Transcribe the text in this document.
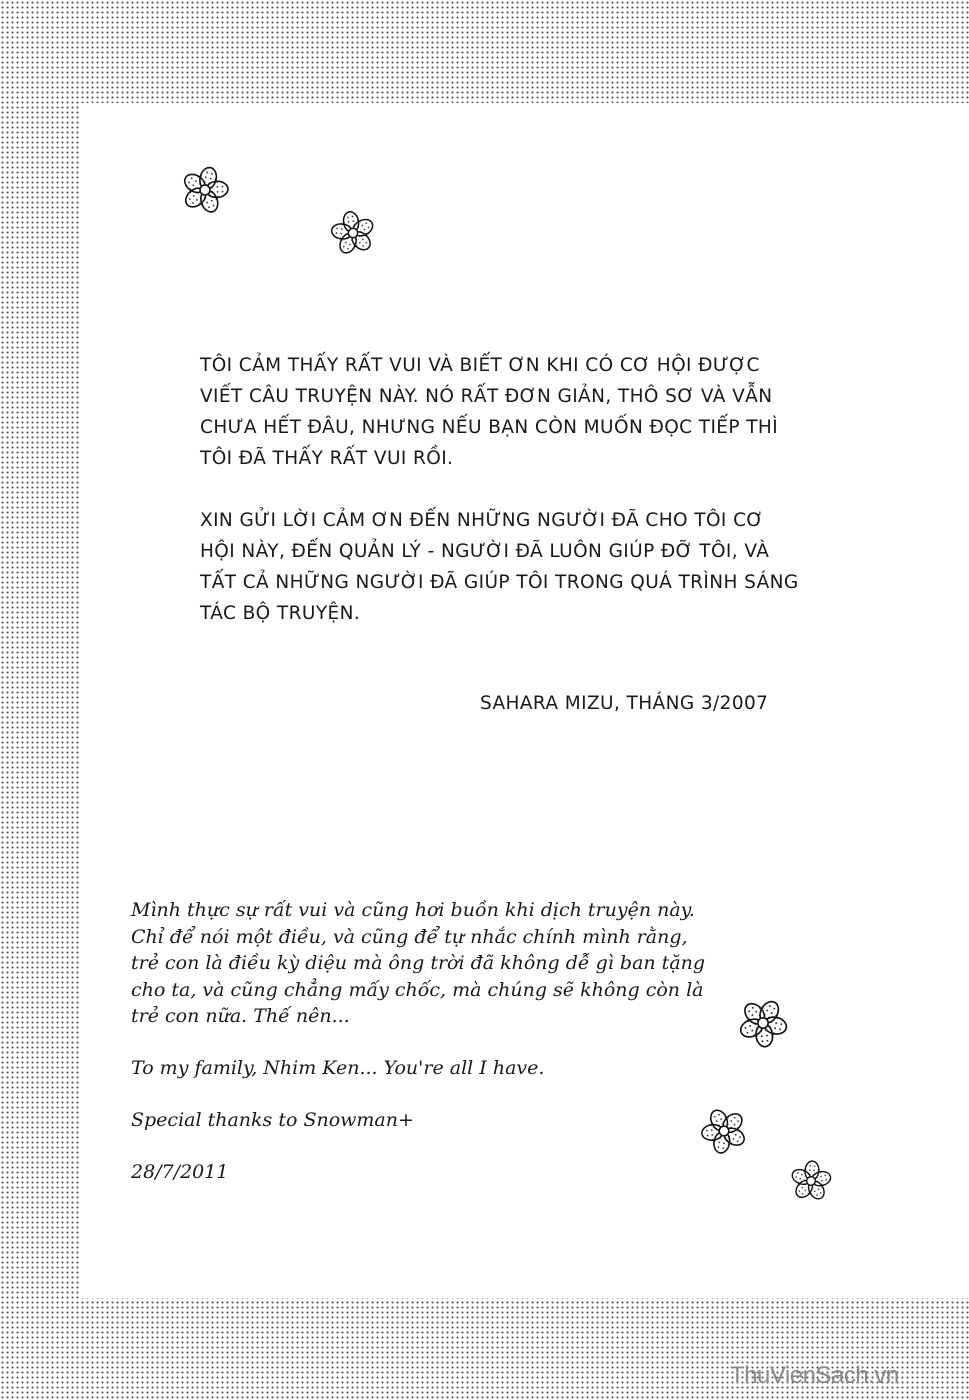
TÔI CẢM THẤY RẤT VUI VÀ BIẾT ƠN KHI CÓ CƠ HỘI ĐƯỢC VIẾT CÂU TRUYỆN NÀY. NÓ RẤT ĐƠN GIẢN, THÔ SƠ VÀ VẪN CHƯA HẾT ĐÂU, NHƯNG NẾU BẠN CÒN MUỐN ĐỌC TIẾP THÌ TÔI ĐÃ THẤY RẤT VUI RỒI.

XIN GỬI LỜI CẢM ƠN ĐẾN NHỮNG NGƯỜI ĐÃ CHO TÔI CƠ HỘI NÀY, ĐẾN QUẢN LÝ - NGƯỜI ĐÃ LUÔN GIÚP ĐỠ TÔI, VÀ TẤT CẢ NHỮNG NGƯỜI ĐÃ GIÚP TÔI TRONG QUÁ TRÌNH SÁNG TÁC BỘ TRUYỆN.

SAHARA MIZU, THÁNG 3/2007

Mình thực sự rất vui và cũng hơi buồn khi dịch truyện này. Chỉ để nói một điều, và cũng để tự nhắc chính mình rằng, trẻ con là điều kỳ diệu mà ông trời đã không dễ gì ban tặng cho ta, và cũng chẳng mấy chốc, mà chúng sẽ không còn là trẻ con nữa. Thế nên...

To my family, Nhim Ken... You're all I have.
Special thanks to Snowman+
28/7/2011
ThuVienSach.vn
